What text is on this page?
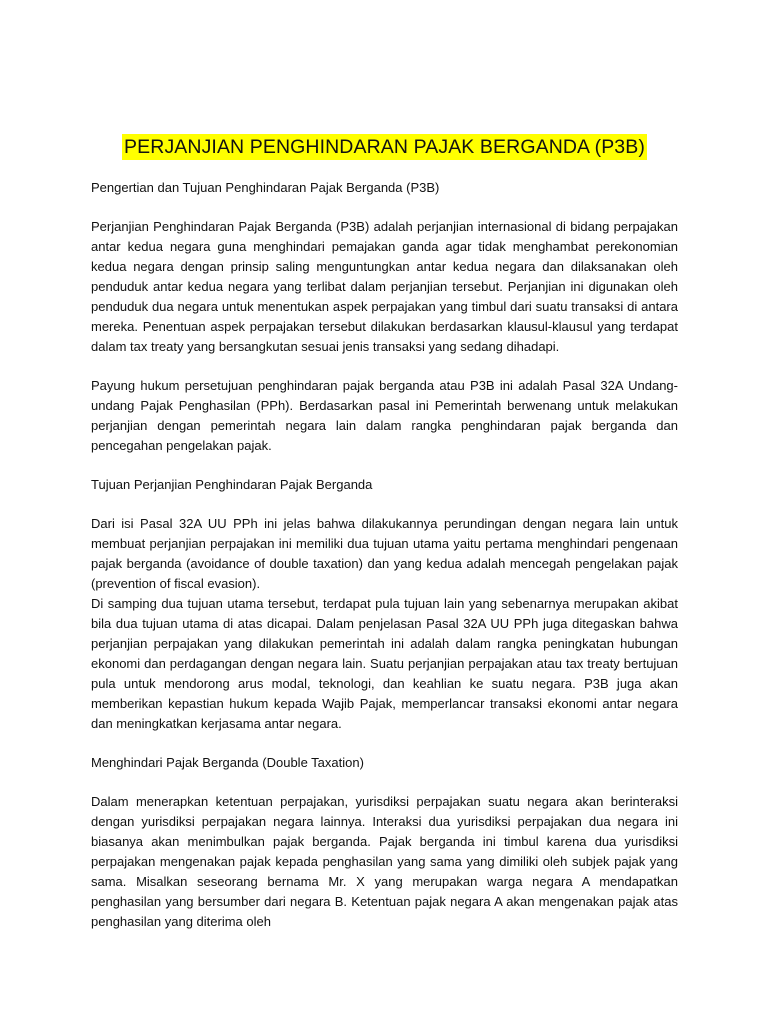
PERJANJIAN PENGHINDARAN PAJAK BERGANDA (P3B)
Pengertian dan Tujuan Penghindaran Pajak Berganda (P3B)
Perjanjian Penghindaran Pajak Berganda (P3B) adalah perjanjian internasional di bidang perpajakan antar kedua negara guna menghindari pemajakan ganda agar tidak menghambat perekonomian kedua negara dengan prinsip saling menguntungkan antar kedua negara dan dilaksanakan oleh penduduk antar kedua negara yang terlibat dalam perjanjian tersebut. Perjanjian ini digunakan oleh penduduk dua negara untuk menentukan aspek perpajakan yang timbul dari suatu transaksi di antara mereka. Penentuan aspek perpajakan tersebut dilakukan berdasarkan klausul-klausul yang terdapat dalam tax treaty yang bersangkutan sesuai jenis transaksi yang sedang dihadapi.
Payung hukum persetujuan penghindaran pajak berganda atau P3B ini adalah Pasal 32A Undang-undang Pajak Penghasilan (PPh). Berdasarkan pasal ini Pemerintah berwenang untuk melakukan perjanjian dengan pemerintah negara lain dalam rangka penghindaran pajak berganda dan pencegahan pengelakan pajak.
Tujuan Perjanjian Penghindaran Pajak Berganda
Dari isi Pasal 32A UU PPh ini jelas bahwa dilakukannya perundingan dengan negara lain untuk membuat perjanjian perpajakan ini memiliki dua tujuan utama yaitu pertama menghindari pengenaan pajak berganda (avoidance of double taxation) dan yang kedua adalah mencegah pengelakan pajak (prevention of fiscal evasion).
Di samping dua tujuan utama tersebut, terdapat pula tujuan lain yang sebenarnya merupakan akibat bila dua tujuan utama di atas dicapai. Dalam penjelasan Pasal 32A UU PPh juga ditegaskan bahwa perjanjian perpajakan yang dilakukan pemerintah ini adalah dalam rangka peningkatan hubungan ekonomi dan perdagangan dengan negara lain. Suatu perjanjian perpajakan atau tax treaty bertujuan pula untuk mendorong arus modal, teknologi, dan keahlian ke suatu negara. P3B juga akan memberikan kepastian hukum kepada Wajib Pajak, memperlancar transaksi ekonomi antar negara dan meningkatkan kerjasama antar negara.
Menghindari Pajak Berganda (Double Taxation)
Dalam menerapkan ketentuan perpajakan, yurisdiksi perpajakan suatu negara akan berinteraksi dengan yurisdiksi perpajakan negara lainnya. Interaksi dua yurisdiksi perpajakan dua negara ini biasanya akan menimbulkan pajak berganda. Pajak berganda ini timbul karena dua yurisdiksi perpajakan mengenakan pajak kepada penghasilan yang sama yang dimiliki oleh subjek pajak yang sama. Misalkan seseorang bernama Mr. X yang merupakan warga negara A mendapatkan penghasilan yang bersumber dari negara B. Ketentuan pajak negara A akan mengenakan pajak atas penghasilan yang diterima oleh
